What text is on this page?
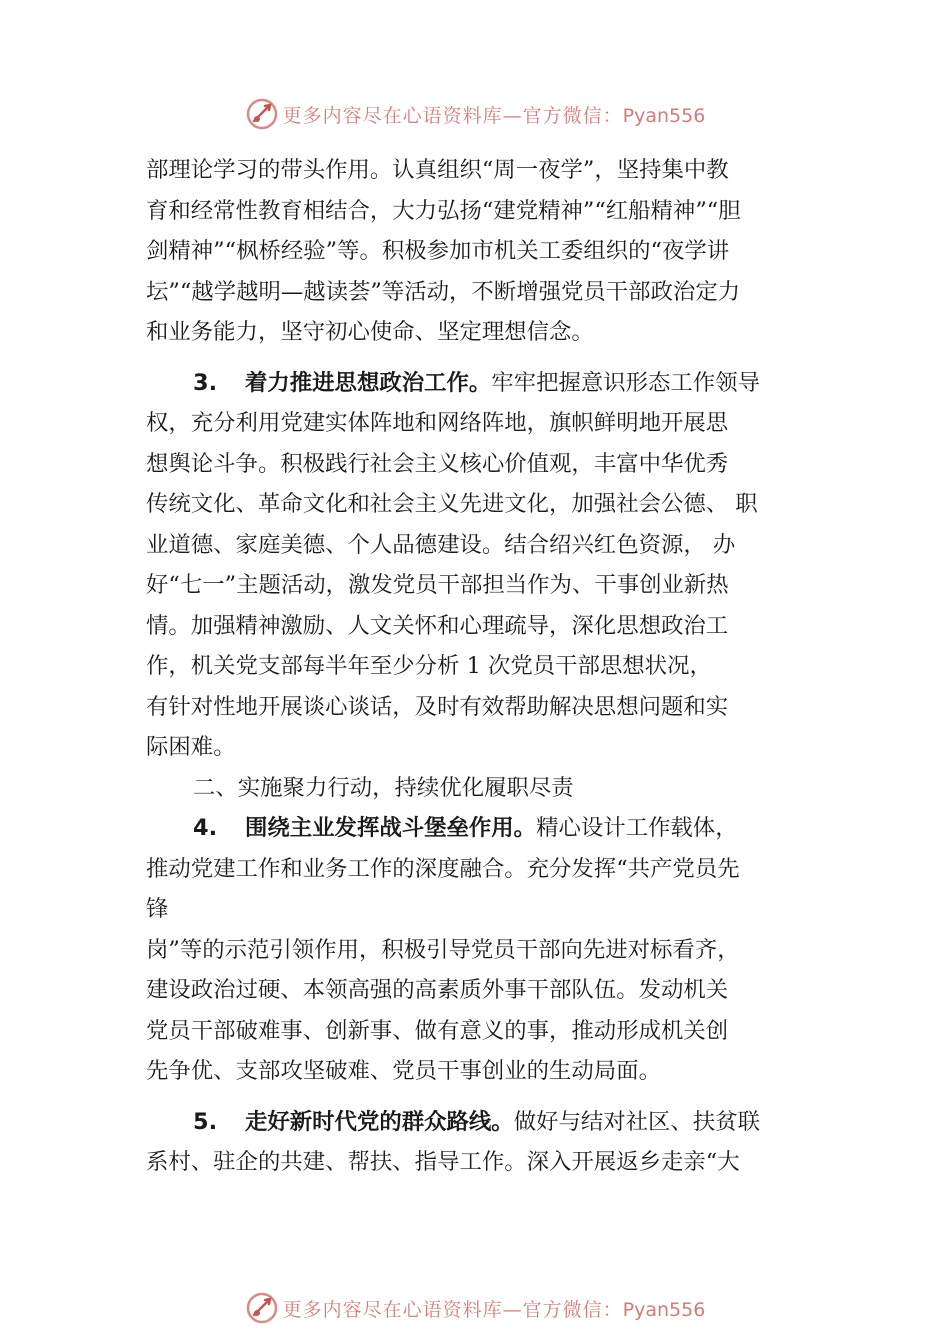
更多内容尽在心语资料库—官方微信：Pyan556
部理论学习的带头作用。认真组织“周一夜学”，坚持集中教
育和经常性教育相结合，大力弘扬“建党精神”“红船精神”“胆
剑精神”“枫桥经验”等。积极参加市机关工委组织的“夜学讲
坛”“越学越明—越读荟”等活动，不断增强党员干部政治定力
和业务能力，坚守初心使命、坚定理想信念。
3. 着力推进思想政治工作。牢牢把握意识形态工作领导
权，充分利用党建实体阵地和网络阵地，旗帜鲜明地开展思
想舆论斗争。积极践行社会主义核心价值观，丰富中华优秀
传统文化、革命文化和社会主义先进文化，加强社会公德、 职
业道德、家庭美德、个人品德建设。结合绍兴红色资源， 办
好“七一”主题活动，激发党员干部担当作为、干事创业新热
情。加强精神激励、人文关怀和心理疏导，深化思想政治工
作，机关党支部每半年至少分析 1 次党员干部思想状况，
有针对性地开展谈心谈话，及时有效帮助解决思想问题和实
际困难。
二、实施聚力行动，持续优化履职尽责
4. 围绕主业发挥战斗堡垒作用。精心设计工作载体，
推动党建工作和业务工作的深度融合。充分发挥“共产党员先
锋
岗”等的示范引领作用，积极引导党员干部向先进对标看齐，
建设政治过硬、本领高强的高素质外事干部队伍。发动机关
党员干部破难事、创新事、做有意义的事，推动形成机关创
先争优、支部攻坚破难、党员干事创业的生动局面。
5. 走好新时代党的群众路线。做好与结对社区、扶贫联
系村、驻企的共建、帮扶、指导工作。深入开展返乡走亲“大
更多内容尽在心语资料库—官方微信：Pyan556
